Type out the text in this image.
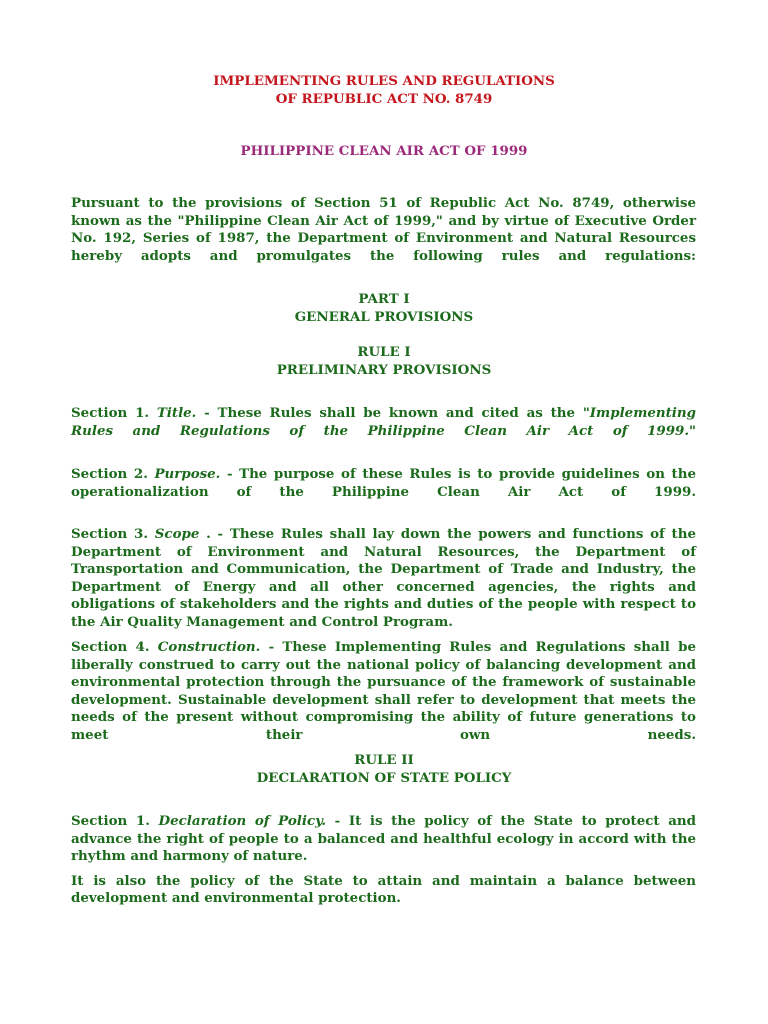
IMPLEMENTING RULES AND REGULATIONS
OF REPUBLIC ACT NO. 8749
PHILIPPINE CLEAN AIR ACT OF 1999

Pursuant to the provisions of Section 51 of Republic Act No. 8749, otherwise known as the "Philippine Clean Air Act of 1999," and by virtue of Executive Order No. 192, Series of 1987, the Department of Environment and Natural Resources hereby adopts and promulgates the following rules and regulations:

PART I
GENERAL PROVISIONS
RULE I
PRELIMINARY PROVISIONS

Section 1. Title. - These Rules shall be known and cited as the "Implementing Rules and Regulations of the Philippine Clean Air Act of 1999."

Section 2. Purpose. - The purpose of these Rules is to provide guidelines on the operationalization of the Philippine Clean Air Act of 1999.

Section 3. Scope . - These Rules shall lay down the powers and functions of the Department of Environment and Natural Resources, the Department of Transportation and Communication, the Department of Trade and Industry, the Department of Energy and all other concerned agencies, the rights and obligations of stakeholders and the rights and duties of the people with respect to the Air Quality Management and Control Program.

Section 4. Construction. - These Implementing Rules and Regulations shall be liberally construed to carry out the national policy of balancing development and environmental protection through the pursuance of the framework of sustainable development. Sustainable development shall refer to development that meets the needs of the present without compromising the ability of future generations to meet their own needs.

RULE II
DECLARATION OF STATE POLICY

Section 1. Declaration of Policy. - It is the policy of the State to protect and advance the right of people to a balanced and healthful ecology in accord with the rhythm and harmony of nature.

It is also the policy of the State to attain and maintain a balance between development and environmental protection.
